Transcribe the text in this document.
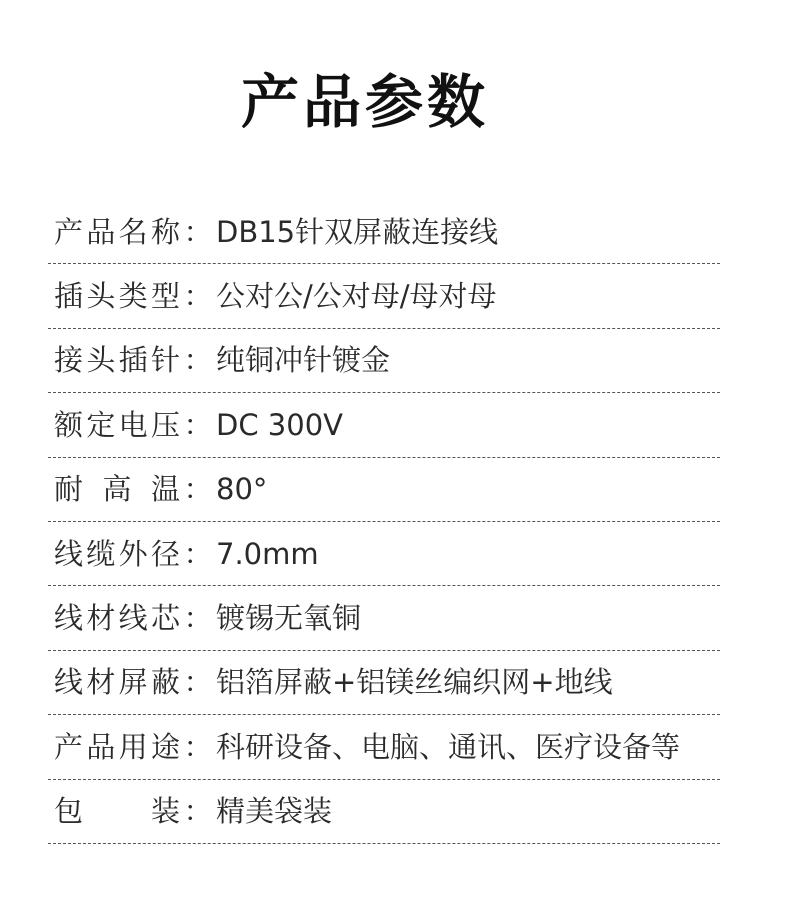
产品参数
产品名称 ： DB15针双屏蔽连接线
插头类型 ： 公对公/公对母/母对母
接头插针 ： 纯铜冲针镀金
额定电压 ： DC 300V
耐 高 温 ： 80°
线缆外径 ： 7.0mm
线材线芯 ： 镀锡无氧铜
线材屏蔽 ： 铝箔屏蔽+铝镁丝编织网+地线
产品用途 ： 科研设备、电脑、通讯、医疗设备等
包　　装 ： 精美袋装
